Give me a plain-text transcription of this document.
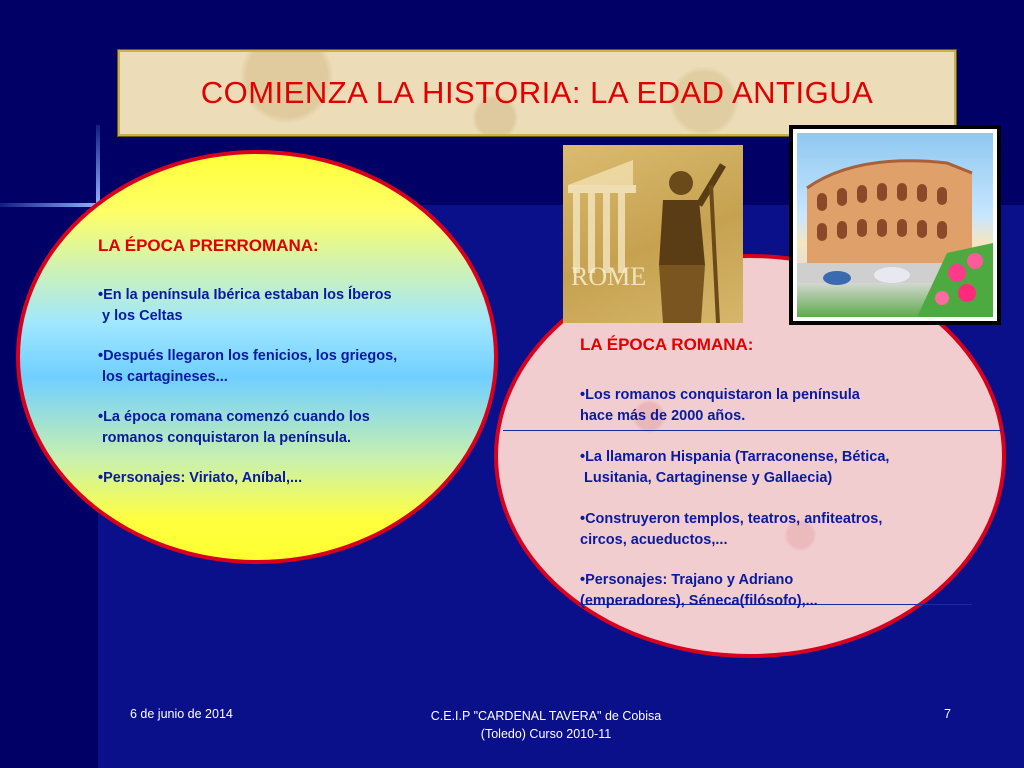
COMIENZA LA HISTORIA: LA EDAD ANTIGUA
LA ÉPOCA PRERROMANA:
•En la península Ibérica estaban los Íberos
y los Celtas
•Después llegaron los fenicios, los griegos,
los cartagineses...
•La época romana comenzó cuando los
romanos conquistaron la península.
•Personajes: Viriato, Aníbal,...
LA ÉPOCA ROMANA:
•Los romanos conquistaron la península
hace más de 2000 años.
•La llamaron Hispania (Tarraconense, Bética,
Lusitania, Cartaginense y Gallaecia)
•Construyeron templos, teatros, anfiteatros,
circos, acueductos,...
•Personajes: Trajano y Adriano
(emperadores), Séneca(filósofo),...
ROME
6 de junio de 2014	C.E.I.P "CARDENAL TAVERA" de Cobisa
(Toledo) Curso 2010-11
7
